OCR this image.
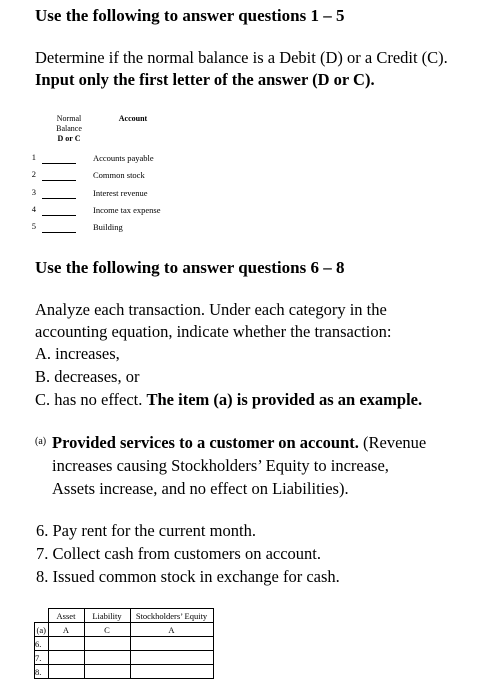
Use the following to answer questions 1 – 5
Determine if the normal balance is a Debit (D) or a Credit (C). Input only the first letter of the answer (D or C).
Normal
Balance
D or C
Account
1	Accounts payable
2	Common stock
3	Interest revenue
4	Income tax expense
5	Building
Use the following to answer questions 6 – 8
Analyze each transaction. Under each category in the
accounting equation, indicate whether the transaction:
A. increases,
B. decreases, or
C. has no effect. The item (a) is provided as an example.
(a) Provided services to a customer on account. (Revenue
increases causing Stockholders’ Equity to increase,
Assets increase, and no effect on Liabilities).
6. Pay rent for the current month.
7. Collect cash from customers on account.
8. Issued common stock in exchange for cash.
	Asset	Liability	Stockholders’ Equity
(a)	A	C	A
6.			
7.			
8.			
